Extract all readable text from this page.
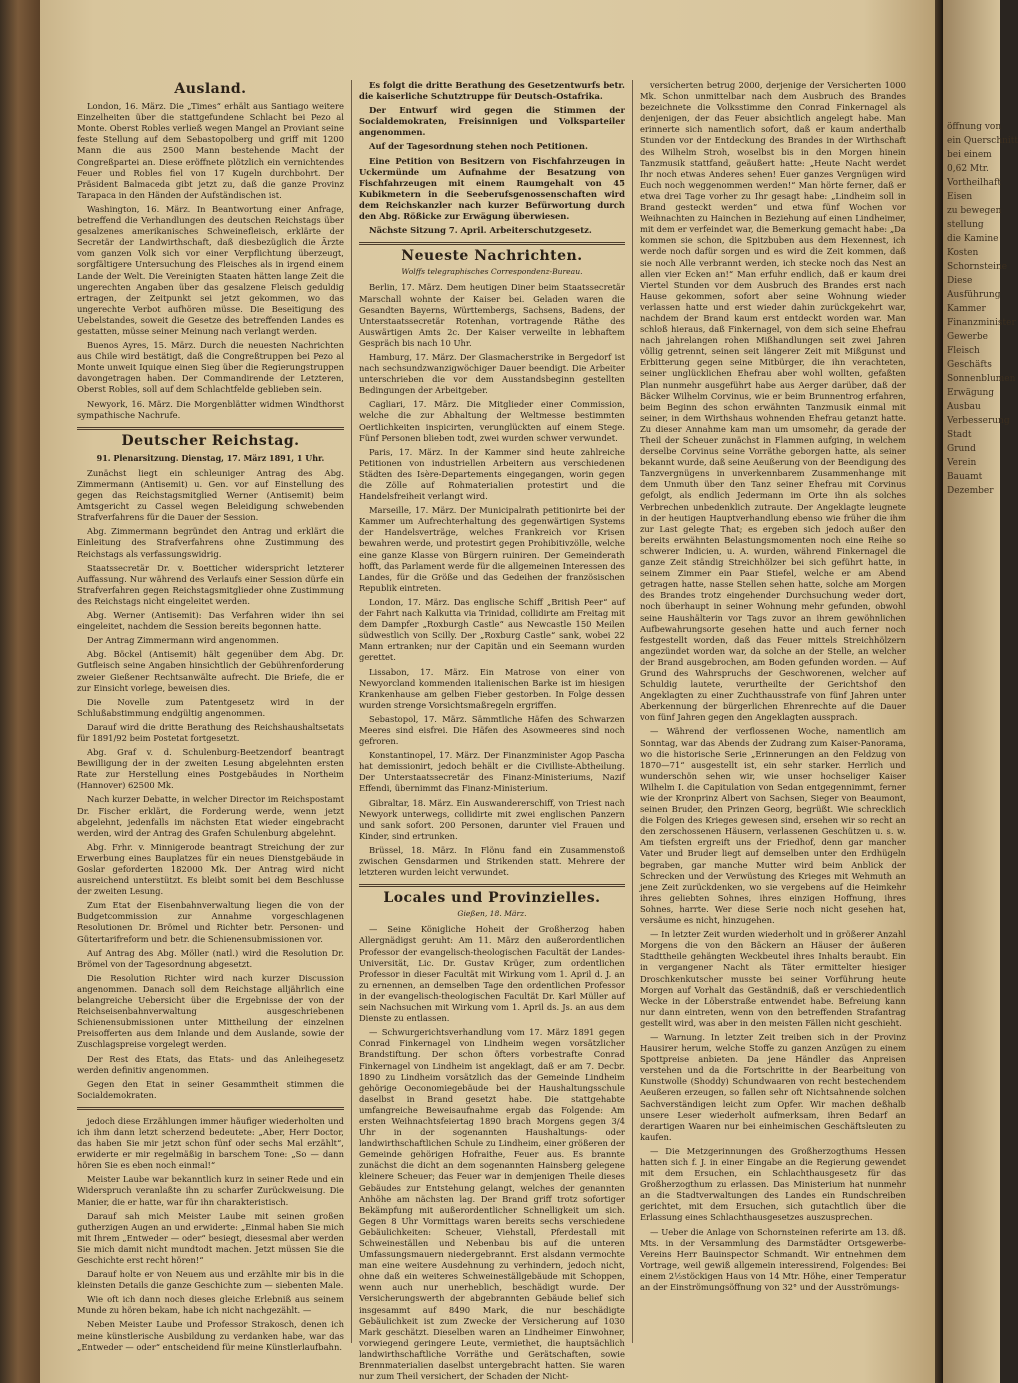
Ausland.

London, 16. März. Die „Times“ erhält aus Santiago weitere Einzelheiten über die stattgefundene Schlacht bei Pezo al Monte. Oberst Robles verließ wegen Mangel an Proviant seine feste Stellung auf dem Sebastopolberg und griff mit 1200 Mann die aus 2500 Mann bestehende Macht der Congreßpartei an. Diese eröffnete plötzlich ein vernichtendes Feuer und Robles fiel von 17 Kugeln durchbohrt. Der Präsident Balmaceda gibt jetzt zu, daß die ganze Provinz Tarapaca in den Händen der Aufständischen ist.

Washington, 16. März. In Beantwortung einer Anfrage, betreffend die Verhandlungen des deutschen Reichstags über gesalzenes amerikanisches Schweinefleisch, erklärte der Secretär der Landwirthschaft, daß diesbezüglich die Ärzte vom ganzen Volk sich vor einer Verpflichtung überzeugt, sorgfältigere Untersuchung des Fleisches als in irgend einem Lande der Welt. Die Vereinigten Staaten hätten lange Zeit die ungerechten Angaben über das gesalzene Fleisch geduldig ertragen, der Zeitpunkt sei jetzt gekommen, wo das ungerechte Verbot aufhören müsse. Die Beseitigung des Uebelstandes, soweit die Gesetze des betreffenden Landes es gestatten, müsse seiner Meinung nach verlangt werden.

Buenos Ayres, 15. März. Durch die neuesten Nachrichten aus Chile wird bestätigt, daß die Congreßtruppen bei Pezo al Monte unweit Iquique einen Sieg über die Regierungstruppen davongetragen haben. Der Commandirende der Letzteren, Oberst Robles, soll auf dem Schlachtfelde geblieben sein.

Newyork, 16. März. Die Morgenblätter widmen Windthorst sympathische Nachrufe.

Deutscher Reichstag.
91. Plenarsitzung. Dienstag, 17. März 1891, 1 Uhr.

Zunächst liegt ein schleuniger Antrag des Abg. Zimmermann (Antisemit) u. Gen. vor auf Einstellung des gegen das Reichstagsmitglied Werner (Antisemit) beim Amtsgericht zu Cassel wegen Beleidigung schwebenden Strafverfahrens für die Dauer der Session.

Abg. Zimmermann begründet den Antrag und erklärt die Einleitung des Strafverfahrens ohne Zustimmung des Reichstags als verfassungswidrig.

Staatssecretär Dr. v. Boetticher widerspricht letzterer Auffassung. Nur während des Verlaufs einer Session dürfe ein Strafverfahren gegen Reichstagsmitglieder ohne Zustimmung des Reichstags nicht eingeleitet werden.

Abg. Werner (Antisemit): Das Verfahren wider ihn sei eingeleitet, nachdem die Session bereits begonnen hatte.

Der Antrag Zimmermann wird angenommen.

Abg. Böckel (Antisemit) hält gegenüber dem Abg. Dr. Gutfleisch seine Angaben hinsichtlich der Gebührenforderung zweier Gießener Rechtsanwälte aufrecht. Die Briefe, die er zur Einsicht vorlege, beweisen dies.

Die Novelle zum Patentgesetz wird in der Schlußabstimmung endgültig angenommen.

Darauf wird die dritte Berathung des Reichshaushaltsetats für 1891/92 beim Postetat fortgesetzt.

Abg. Graf v. d. Schulenburg-Beetzendorf beantragt Bewilligung der in der zweiten Lesung abgelehnten ersten Rate zur Herstellung eines Postgebäudes in Northeim (Hannover) 62500 Mk.

Nach kurzer Debatte, in welcher Director im Reichspostamt Dr. Fischer erklärt, die Forderung werde, wenn jetzt abgelehnt, jedenfalls im nächsten Etat wieder eingebracht werden, wird der Antrag des Grafen Schulenburg abgelehnt.

Abg. Frhr. v. Minnigerode beantragt Streichung der zur Erwerbung eines Bauplatzes für ein neues Dienstgebäude in Goslar geforderten 182000 Mk. Der Antrag wird nicht ausreichend unterstützt. Es bleibt somit bei dem Beschlusse der zweiten Lesung.

Zum Etat der Eisenbahnverwaltung liegen die von der Budgetcommission zur Annahme vorgeschlagenen Resolutionen Dr. Brömel und Richter betr. Personen- und Gütertarifreform und betr. die Schienensubmissionen vor.

Auf Antrag des Abg. Möller (natl.) wird die Resolution Dr. Brömel von der Tagesordnung abgesetzt.

Die Resolution Richter wird nach kurzer Discussion angenommen. Danach soll dem Reichstage alljährlich eine belangreiche Uebersicht über die Ergebnisse der von der Reichseisenbahnverwaltung ausgeschriebenen Schienensubmissionen unter Mittheilung der einzelnen Preisofferten aus dem Inlande und dem Auslande, sowie der Zuschlagspreise vorgelegt werden.

Der Rest des Etats, das Etats- und das Anleihegesetz werden definitiv angenommen.

Gegen den Etat in seiner Gesammtheit stimmen die Socialdemokraten.

jedoch diese Erzählungen immer häufiger wiederholten und ich ihm dann letzt scherzend bedeutete: „Aber, Herr Doctor, das haben Sie mir jetzt schon fünf oder sechs Mal erzählt“, erwiderte er mir regelmäßig in barschem Tone: „So — dann hören Sie es eben noch einmal!“

Meister Laube war bekanntlich kurz in seiner Rede und ein Widerspruch veranlaßte ihn zu scharfer Zurückweisung. Die Manier, die er hatte, war für ihn charakteristisch.

Darauf sah mich Meister Laube mit seinen großen gutherzigen Augen an und erwiderte: „Einmal haben Sie mich mit Ihrem „Entweder — oder“ besiegt, diesesmal aber werden Sie mich damit nicht mundtodt machen. Jetzt müssen Sie die Geschichte erst recht hören!“

Darauf holte er von Neuem aus und erzählte mir bis in die kleinsten Details die ganze Geschichte zum — siebenten Male.

Wie oft ich dann noch dieses gleiche Erlebniß aus seinem Munde zu hören bekam, habe ich nicht nachgezählt. —

Neben Meister Laube und Professor Strakosch, denen ich meine künstlerische Ausbildung zu verdanken habe, war das „Entweder — oder“ entscheidend für meine Künstlerlaufbahn.

Es folgt die dritte Berathung des Gesetzentwurfs betr. die kaiserliche Schutztruppe für Deutsch-Ostafrika.

Der Entwurf wird gegen die Stimmen der Socialdemokraten, Freisinnigen und Volksparteiler angenommen.

Auf der Tagesordnung stehen noch Petitionen.

Eine Petition von Besitzern von Fischfahrzeugen in Uckermünde um Aufnahme der Besatzung von Fischfahrzeugen mit einem Raumgehalt von 45 Kubikmetern in die Seeberufsgenossenschaften wird dem Reichskanzler nach kurzer Befürwortung durch den Abg. Rößicke zur Erwägung überwiesen.

Nächste Sitzung 7. April. Arbeiterschutzgesetz.

Neueste Nachrichten.
Wolffs telegraphisches Correspondenz-Bureau.

Berlin, 17. März. Dem heutigen Diner beim Staatssecretär Marschall wohnte der Kaiser bei. Geladen waren die Gesandten Bayerns, Württembergs, Sachsens, Badens, der Unterstaatssecretär Rotenhan, vortragende Räthe des Auswärtigen Amts 2c. Der Kaiser verweilte in lebhaftem Gespräch bis nach 10 Uhr.

Hamburg, 17. März. Der Glasmacherstrike in Bergedorf ist nach sechsundzwanzigwöchiger Dauer beendigt. Die Arbeiter unterschrieben die vor dem Ausstandsbeginn gestellten Bedingungen der Arbeitgeber.

Cagliari, 17. März. Die Mitglieder einer Commission, welche die zur Abhaltung der Weltmesse bestimmten Oertlichkeiten inspicirten, verunglückten auf einem Stege. Fünf Personen blieben todt, zwei wurden schwer verwundet.

Paris, 17. März. In der Kammer sind heute zahlreiche Petitionen von industriellen Arbeitern aus verschiedenen Städten des Isère-Departements eingegangen, worin gegen die Zölle auf Rohmaterialien protestirt und die Handelsfreiheit verlangt wird.

Marseille, 17. März. Der Municipalrath petitionirte bei der Kammer um Aufrechterhaltung des gegenwärtigen Systems der Handelsverträge, welches Frankreich vor Krisen bewahren werde, und protestirt gegen Prohibitivzölle, welche eine ganze Klasse von Bürgern ruiniren. Der Gemeinderath hofft, das Parlament werde für die allgemeinen Interessen des Landes, für die Größe und das Gedeihen der französischen Republik eintreten.

London, 17. März. Das englische Schiff „British Peer“ auf der Fahrt nach Kalkutta via Trinidad, collidirte am Freitag mit dem Dampfer „Roxburgh Castle“ aus Newcastle 150 Meilen südwestlich von Scilly. Der „Roxburg Castle“ sank, wobei 22 Mann ertranken; nur der Capitän und ein Seemann wurden gerettet.

Lissabon, 17. März. Ein Matrose von einer von Newyorcland kommenden italienischen Barke ist im hiesigen Krankenhause am gelben Fieber gestorben. In Folge dessen wurden strenge Vorsichtsmaßregeln ergriffen.

Sebastopol, 17. März. Sämmtliche Häfen des Schwarzen Meeres sind eisfrei. Die Häfen des Asowmeeres sind noch gefroren.

Konstantinopel, 17. März. Der Finanzminister Agop Pascha hat demissionirt, jedoch behält er die Civilliste-Abtheilung. Der Unterstaatssecretär des Finanz-Ministeriums, Nazif Effendi, übernimmt das Finanz-Ministerium.

Gibraltar, 18. März. Ein Auswandererschiff, von Triest nach Newyork unterwegs, collidirte mit zwei englischen Panzern und sank sofort. 200 Personen, darunter viel Frauen und Kinder, sind ertrunken.

Brüssel, 18. März. In Flönu fand ein Zusammenstoß zwischen Gensdarmen und Strikenden statt. Mehrere der letzteren wurden leicht verwundet.

Locales und Provinzielles.
Gießen, 18. März.

— Seine Königliche Hoheit der Großherzog haben Allergnädigst geruht: Am 11. März den außerordentlichen Professor der evangelisch-theologischen Facultät der Landes-Universität, Lic. Dr. Gustav Krüger, zum ordentlichen Professor in dieser Facultät mit Wirkung vom 1. April d. J. an zu ernennen, an demselben Tage den ordentlichen Professor in der evangelisch-theologischen Facultät Dr. Karl Müller auf sein Nachsuchen mit Wirkung vom 1. April ds. Js. an aus dem Dienste zu entlassen.

— Schwurgerichtsverhandlung vom 17. März 1891 gegen Conrad Finkernagel von Lindheim wegen vorsätzlicher Brandstiftung. Der schon öfters vorbestrafte Conrad Finkernagel von Lindheim ist angeklagt, daß er am 7. Decbr. 1890 zu Lindheim vorsätzlich das der Gemeinde Lindheim gehörige Oeconomiegebäude bei der Haushaltungsschule daselbst in Brand gesetzt habe. Die stattgehabte umfangreiche Beweisaufnahme ergab das Folgende: Am ersten Weihnachtsfeiertag 1890 brach Morgens gegen 3/4 Uhr in der sogenannten Haushaltungs- oder landwirthschaftlichen Schule zu Lindheim, einer größeren der Gemeinde gehörigen Hofraithe, Feuer aus. Es brannte zunächst die dicht an dem sogenannten Hainsberg gelegene kleinere Scheuer; das Feuer war in demjenigen Theile dieses Gebäudes zur Entstehung gelangt, welches der genannten Anhöhe am nächsten lag. Der Brand griff trotz sofortiger Bekämpfung mit außerordentlicher Schnelligkeit um sich. Gegen 8 Uhr Vormittags waren bereits sechs verschiedene Gebäulichkeiten: Scheuer, Viehstall, Pferdestall mit Schweineställen und Nebenbau bis auf die unteren Umfassungsmauern niedergebrannt. Erst alsdann vermochte man eine weitere Ausdehnung zu verhindern, jedoch nicht, ohne daß ein weiteres Schweineställgebäude mit Schoppen, wenn auch nur unerheblich, beschädigt wurde. Der Versicherungswerth der abgebrannten Gebäude belief sich insgesammt auf 8490 Mark, die nur beschädigte Gebäulichkeit ist zum Zwecke der Versicherung auf 1030 Mark geschätzt. Dieselben waren an Lindheimer Einwohner, vorwiegend geringere Leute, vermiethet, die hauptsächlich landwirthschaftliche Vorräthe und Gerätschaften, sowie Brennmaterialien daselbst untergebracht hatten. Sie waren nur zum Theil versichert, der Schaden der Nicht-

versicherten betrug 2000, derjenige der Versicherten 1000 Mk. Schon unmittelbar nach dem Ausbruch des Brandes bezeichnete die Volksstimme den Conrad Finkernagel als denjenigen, der das Feuer absichtlich angelegt habe. Man erinnerte sich namentlich sofort, daß er kaum anderthalb Stunden vor der Entdeckung des Brandes in der Wirthschaft des Wilhelm Stroh, woselbst bis in den Morgen hinein Tanzmusik stattfand, geäußert hatte: „Heute Nacht werdet Ihr noch etwas Anderes sehen! Euer ganzes Vergnügen wird Euch noch weggenommen werden!“ Man hörte ferner, daß er etwa drei Tage vorher zu Ihr gesagt habe: „Lindheim soll in Brand gesteckt werden“ und etwa fünf Wochen vor Weihnachten zu Hainchen in Beziehung auf einen Lindheimer, mit dem er verfeindet war, die Bemerkung gemacht habe: „Da kommen sie schon, die Spitzbuben aus dem Hexennest, ich werde noch dafür sorgen und es wird die Zeit kommen, daß sie noch Alle verbrannt werden, ich stecke noch das Nest an allen vier Ecken an!“ Man erfuhr endlich, daß er kaum drei Viertel Stunden vor dem Ausbruch des Brandes erst nach Hause gekommen, sofort aber seine Wohnung wieder verlassen hatte und erst wieder dahin zurückgekehrt war, nachdem der Brand kaum erst entdeckt worden war. Man schloß hieraus, daß Finkernagel, von dem sich seine Ehefrau nach jahrelangen rohen Mißhandlungen seit zwei Jahren völlig getrennt, seinen seit längerer Zeit mit Mißgunst und Erbitterung gegen seine Mitbürger, die ihn verachteten, seiner unglücklichen Ehefrau aber wohl wollten, gefaßten Plan nunmehr ausgeführt habe aus Aerger darüber, daß der Bäcker Wilhelm Corvinus, wie er beim Brunnentrog erfahren, beim Beginn des schon erwähnten Tanzmusik einmal mit seiner, in dem Wirthshaus wohnenden Ehefrau getanzt hatte. Zu dieser Annahme kam man um umsomehr, da gerade der Theil der Scheuer zunächst in Flammen aufging, in welchem derselbe Corvinus seine Vorräthe geborgen hatte, als seiner bekannt wurde, daß seine Aeußerung von der Beendigung des Tanzvergnügens in unverkennbarem Zusammenhange mit dem Unmuth über den Tanz seiner Ehefrau mit Corvinus gefolgt, als endlich Jedermann im Orte ihn als solches Verbrechen unbedenklich zutraute. Der Angeklagte leugnete in der heutigen Hauptverhandlung ebenso wie früher die ihm zur Last gelegte That; es ergeben sich jedoch außer den bereits erwähnten Belastungsmomenten noch eine Reihe so schwerer Indicien, u. A. wurden, während Finkernagel die ganze Zeit ständig Streichhölzer bei sich geführt hatte, in seinem Zimmer ein Paar Stiefel, welche er am Abend getragen hatte, nasse Stellen sehen hatte, solche am Morgen des Brandes trotz eingehender Durchsuchung weder dort, noch überhaupt in seiner Wohnung mehr gefunden, obwohl seine Haushälterin vor Tags zuvor an ihrem gewöhnlichen Aufbewahrungsorte gesehen hatte und auch ferner noch festgestellt worden, daß das Feuer mittels Streichhölzern angezündet worden war, da solche an der Stelle, an welcher der Brand ausgebrochen, am Boden gefunden worden. — Auf Grund des Wahrspruchs der Geschworenen, welcher auf Schuldig lautete, verurtheilte der Gerichtshof den Angeklagten zu einer Zuchthausstrafe von fünf Jahren unter Aberkennung der bürgerlichen Ehrenrechte auf die Dauer von fünf Jahren gegen den Angeklagten aussprach.

— Während der verflossenen Woche, namentlich am Sonntag, war das Abends der Zudrang zum Kaiser-Panorama, wo die historische Serie „Erinnerungen an den Feldzug von 1870—71“ ausgestellt ist, ein sehr starker. Herrlich und wunderschön sehen wir, wie unser hochseliger Kaiser Wilhelm I. die Capitulation von Sedan entgegennimmt, ferner wie der Kronprinz Albert von Sachsen, Sieger von Beaumont, seinen Bruder, den Prinzen Georg, begrüßt. Wie schrecklich die Folgen des Krieges gewesen sind, ersehen wir so recht an den zerschossenen Häusern, verlassenen Geschützen u. s. w. Am tiefsten ergreift uns der Friedhof, denn gar mancher Vater und Bruder liegt auf demselben unter den Erdhügeln begraben, gar manche Mutter wird beim Anblick der Schrecken und der Verwüstung des Krieges mit Wehmuth an jene Zeit zurückdenken, wo sie vergebens auf die Heimkehr ihres geliebten Sohnes, ihres einzigen Hoffnung, ihres Sohnes, harrte. Wer diese Serie noch nicht gesehen hat, versäume es nicht, hinzugehen.

— In letzter Zeit wurden wiederholt und in größerer Anzahl Morgens die von den Bäckern an Häuser der äußeren Stadttheile gehängten Weckbeutel ihres Inhalts beraubt. Ein in vergangener Nacht als Täter ermittelter hiesiger Droschkenkutscher musste bei seiner Vorführung heute Morgen auf Vorhalt das Geständniß, daß er verschiedentlich Wecke in der Löberstraße entwendet habe. Befreiung kann nur dann eintreten, wenn von den betreffenden Strafantrag gestellt wird, was aber in den meisten Fällen nicht geschieht.

— Warnung. In letzter Zeit treiben sich in der Provinz Hausirer herum, welche Stoffe zu ganzen Anzügen zu einem Spottpreise anbieten. Da jene Händler das Anpreisen verstehen und da die Fortschritte in der Bearbeitung von Kunstwolle (Shoddy) Schundwaaren von recht bestechendem Aeußeren erzeugen, so fallen sehr oft Nichtsahnende solchen Sachverständigen leicht zum Opfer. Wir machen deßhalb unsere Leser wiederholt aufmerksam, ihren Bedarf an derartigen Waaren nur bei einheimischen Geschäftsleuten zu kaufen.

— Die Metzgerinnungen des Großherzogthums Hessen hatten sich f. J. in einer Eingabe an die Regierung gewendet mit dem Ersuchen, ein Schlachthausgesetz für das Großherzogthum zu erlassen. Das Ministerium hat nunmehr an die Stadtverwaltungen des Landes ein Rundschreiben gerichtet, mit dem Ersuchen, sich gutachtlich über die Erlassung eines Schlachthausgesetzes auszusprechen.

— Ueber die Anlage von Schornsteinen referirte am 13. dß. Mts. in der Versammlung des Darmstädter Ortsgewerbe-Vereins Herr Bauinspector Schmandt. Wir entnehmen dem Vortrage, weil gewiß allgemein interessirend, Folgendes: Bei einem 2½stöckigen Haus von 14 Mtr. Höhe, einer Temperatur an der Einströmungsöffnung von 32° und der Ausströmungs-

öffnung von
ein Querschnitt
bei einem
0,62 Mtr.
Vortheilhaft
Eisen
zu bewegen
stellung
die Kamine
Kosten
Schornsteine
Diese
Ausführung
Kammer
Finanzminister
Gewerbe
Fleisch
Geschäfts
Sonnenblumen
Erwägung
Ausbau
Verbesserung
Stadt
Grund
Verein
Bauamt
Dezember
